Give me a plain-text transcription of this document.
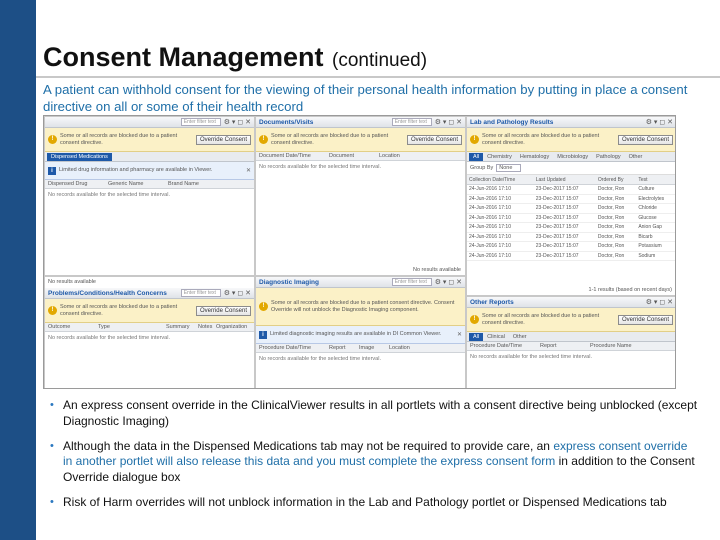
Consent Management (continued)
A patient can withhold consent for the viewing of their personal health information by putting in place a consent directive on all or some of their health record
Enter filter text	⚙ ▾ ◻ ✕
!	Some or all records are blocked due to a patient consent directive.	Override Consent
Dispensed Medications
i	Limited drug information and pharmacy are available in Viewer.	✕
Dispensed Drug	Generic Name	Brand Name
No records available for the selected time interval.
Documents/Visits	Enter filter text	⚙ ▾ ◻ ✕
!	Some or all records are blocked due to a patient consent directive.	Override Consent
Document Date/Time	Document	Location
No records available for the selected time interval.
No results available
Lab and Pathology Results	⚙ ▾ ◻ ✕
!	Some or all records are blocked due to a patient consent directive.	Override Consent
All	Chemistry	Hematology	Microbiology	Pathology	Other
Group By	None
Collection Date/Time	Last Updated	Ordered By	Test
24-Jun-2016 17:10	23-Dec-2017 15:07	Doctor, Ron	Culture
24-Jun-2016 17:10	23-Dec-2017 15:07	Doctor, Ron	Electrolytes
24-Jun-2016 17:10	23-Dec-2017 15:07	Doctor, Ron	Chloride
24-Jun-2016 17:10	23-Dec-2017 15:07	Doctor, Ron	Glucose
24-Jun-2016 17:10	23-Dec-2017 15:07	Doctor, Ron	Anion Gap
24-Jun-2016 17:10	23-Dec-2017 15:07	Doctor, Ron	Bicarb
24-Jun-2016 17:10	23-Dec-2017 15:07	Doctor, Ron	Potassium
24-Jun-2016 17:10	23-Dec-2017 15:07	Doctor, Ron	Sodium
1-1 results (based on recent days)
No results available
Problems/Conditions/Health Concerns	Enter filter text	⚙ ▾ ◻ ✕
!	Some or all records are blocked due to a patient consent directive.	Override Consent
Outcome	Type	Summary	Notes Organization
No records available for the selected time interval.
Diagnostic Imaging	Enter filter text	⚙ ▾ ◻ ✕
!	Some or all records are blocked due to a patient consent directive. Consent Override will not unblock the Diagnostic Imaging component.
i	Limited diagnostic imaging results are available in DI Common Viewer.	✕
Procedure Date/Time	Report	Image	Location
No records available for the selected time interval.
Other Reports	⚙ ▾ ◻ ✕
!	Some or all records are blocked due to a patient consent directive.	Override Consent
All	Clinical	Other
Procedure Date/Time	Report	Procedure Name
No records available for the selected time interval.
• An express consent override in the ClinicalViewer results in all portlets with a consent directive being unblocked (except Diagnostic Imaging)
• Although the data in the Dispensed Medications tab may not be required to provide care, an express consent override in another portlet will also release this data and you must complete the express consent form in addition to the Consent Override dialogue box
• Risk of Harm overrides will not unblock information in the Lab and Pathology portlet or Dispensed Medications tab
